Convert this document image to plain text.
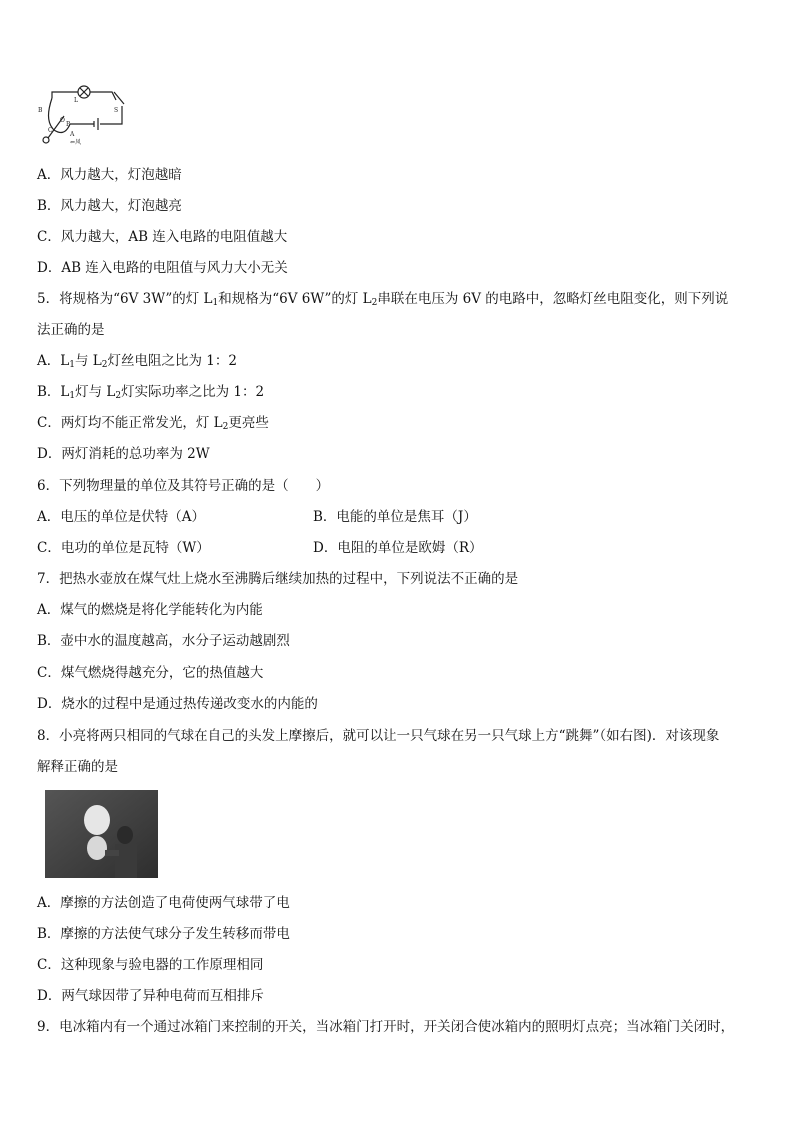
L
S
O
P
C
A
B
⇐风
A．风力越大，灯泡越暗
B．风力越大，灯泡越亮
C．风力越大，AB 连入电路的电阻值越大
D．AB 连入电路的电阻值与风力大小无关
5．将规格为“6V 3W”的灯 $L_1$和规格为“6V 6W”的灯 $L_2$串联在电压为 6V 的电路中，忽略灯丝电阻变化，则下列说
法正确的是
A．$L_1$与 $L_2$灯丝电阻之比为 1：2
B．$L_1$灯与 $L_2$灯实际功率之比为 1：2
C．两灯均不能正常发光，灯 $L_2$更亮些
D．两灯消耗的总功率为 2W
6．下列物理量的单位及其符号正确的是（　　）
A．电压的单位是伏特（A）	B．电能的单位是焦耳（J）
C．电功的单位是瓦特（W）	D．电阻的单位是欧姆（R）
7．把热水壶放在煤气灶上烧水至沸腾后继续加热的过程中，下列说法不正确的是
A．煤气的燃烧是将化学能转化为内能
B．壶中水的温度越高，水分子运动越剧烈
C．煤气燃烧得越充分，它的热值越大
D．烧水的过程中是通过热传递改变水的内能的
8．小亮将两只相同的气球在自己的头发上摩擦后，就可以让一只气球在另一只气球上方“跳舞”（如右图)．对该现象
解释正确的是
A．摩擦的方法创造了电荷使两气球带了电
B．摩擦的方法使气球分子发生转移而带电
C．这种现象与验电器的工作原理相同
D．两气球因带了异种电荷而互相排斥
9．电冰箱内有一个通过冰箱门来控制的开关，当冰箱门打开时，开关闭合使冰箱内的照明灯点亮；当冰箱门关闭时，
